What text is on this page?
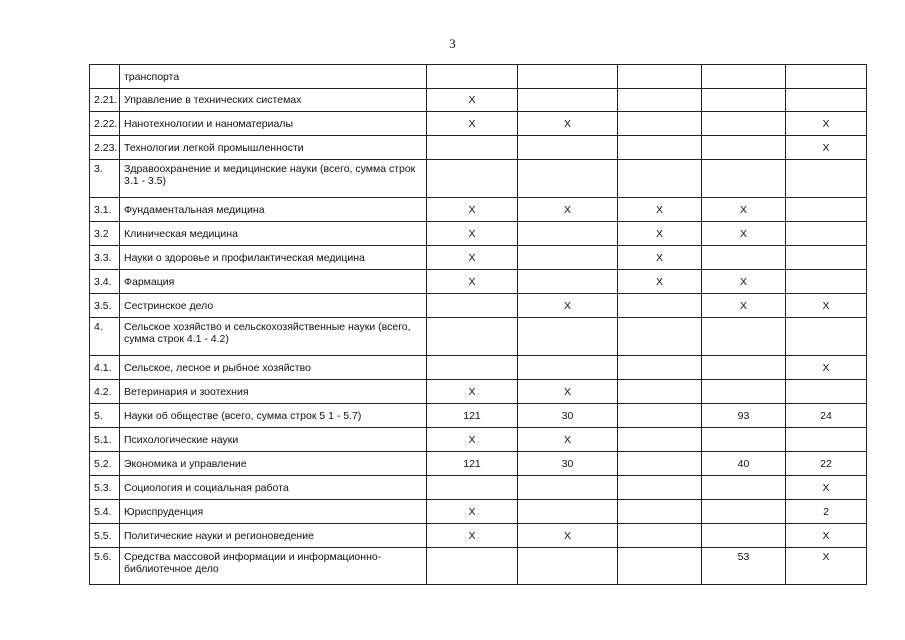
3
	транспорта					
2.21.	Управление в технических системах	X				
2.22.	Нанотехнологии и наноматериалы	X	X			X
2.23.	Технологии легкой промышленности					X
3.	Здравоохранение и медицинские науки (всего, сумма строк 3.1 - 3.5)					
3.1.	Фундаментальная медицина	X	X	X	X	
3.2	Клиническая медицина	X		X	X	
3.3.	Науки о здоровье и профилактическая медицина	X		X		
3.4.	Фармация	X		X	X	
3.5.	Сестринское дело		X		X	X
4.	Сельское хозяйство и сельскохозяйственные науки (всего, сумма строк 4.1 - 4.2)					
4.1.	Сельское, лесное и рыбное хозяйство					X
4.2.	Ветеринария и зоотехния	X	X			
5.	Науки об обществе (всего, сумма строк 5 1 - 5.7)	121	30		93	24
5.1.	Психологические науки	X	X			
5.2.	Экономика и управление	121	30		40	22
5.3.	Социология и социальная работа					X
5.4.	Юриспруденция	X				2
5.5.	Политические науки и регионоведение	X	X			X
5.6.	Средства массовой информации и информационно-библиотечное дело				53	X
